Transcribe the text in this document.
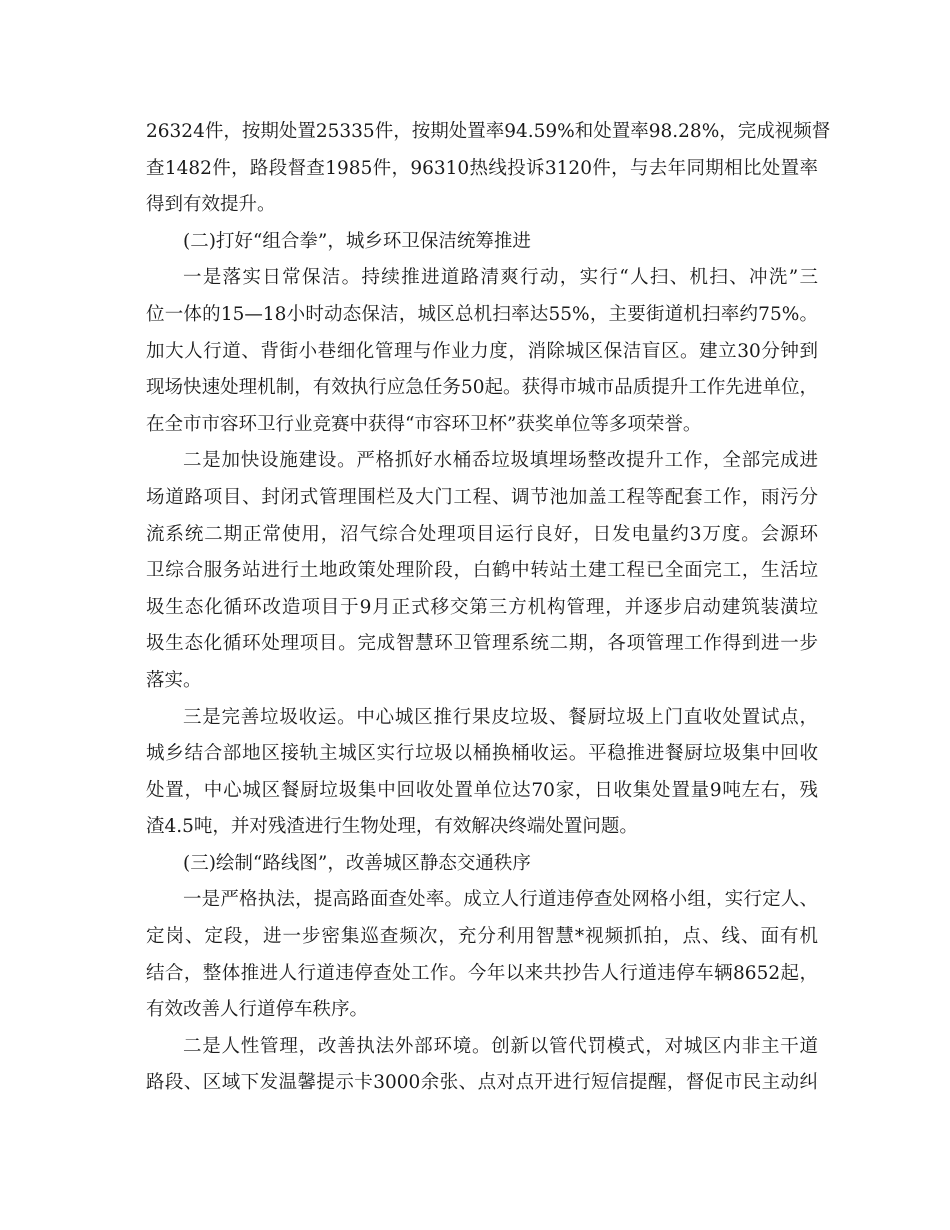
26324件，按期处置25335件，按期处置率94.59%和处置率98.28%，完成视频督
查1482件，路段督查1985件，96310热线投诉3120件，与去年同期相比处置率
得到有效提升。
(二)打好“组合拳”，城乡环卫保洁统筹推进
一是落实日常保洁。持续推进道路清爽行动，实行“人扫、机扫、冲洗”三
位一体的15—18小时动态保洁，城区总机扫率达55%，主要街道机扫率约75%。
加大人行道、背街小巷细化管理与作业力度，消除城区保洁盲区。建立30分钟到
现场快速处理机制，有效执行应急任务50起。获得市城市品质提升工作先进单位，
在全市市容环卫行业竞赛中获得“市容环卫杯”获奖单位等多项荣誉。
二是加快设施建设。严格抓好水桶岙垃圾填埋场整改提升工作，全部完成进
场道路项目、封闭式管理围栏及大门工程、调节池加盖工程等配套工作，雨污分
流系统二期正常使用，沼气综合处理项目运行良好，日发电量约3万度。会源环
卫综合服务站进行土地政策处理阶段，白鹤中转站土建工程已全面完工，生活垃
圾生态化循环改造项目于9月正式移交第三方机构管理，并逐步启动建筑装潢垃
圾生态化循环处理项目。完成智慧环卫管理系统二期，各项管理工作得到进一步
落实。
三是完善垃圾收运。中心城区推行果皮垃圾、餐厨垃圾上门直收处置试点，
城乡结合部地区接轨主城区实行垃圾以桶换桶收运。平稳推进餐厨垃圾集中回收
处置，中心城区餐厨垃圾集中回收处置单位达70家，日收集处置量9吨左右，残
渣4.5吨，并对残渣进行生物处理，有效解决终端处置问题。
(三)绘制“路线图”，改善城区静态交通秩序
一是严格执法，提高路面查处率。成立人行道违停查处网格小组，实行定人、
定岗、定段，进一步密集巡查频次，充分利用智慧*视频抓拍，点、线、面有机
结合，整体推进人行道违停查处工作。今年以来共抄告人行道违停车辆8652起，
有效改善人行道停车秩序。
二是人性管理，改善执法外部环境。创新以管代罚模式，对城区内非主干道
路段、区域下发温馨提示卡3000余张、点对点开进行短信提醒，督促市民主动纠
